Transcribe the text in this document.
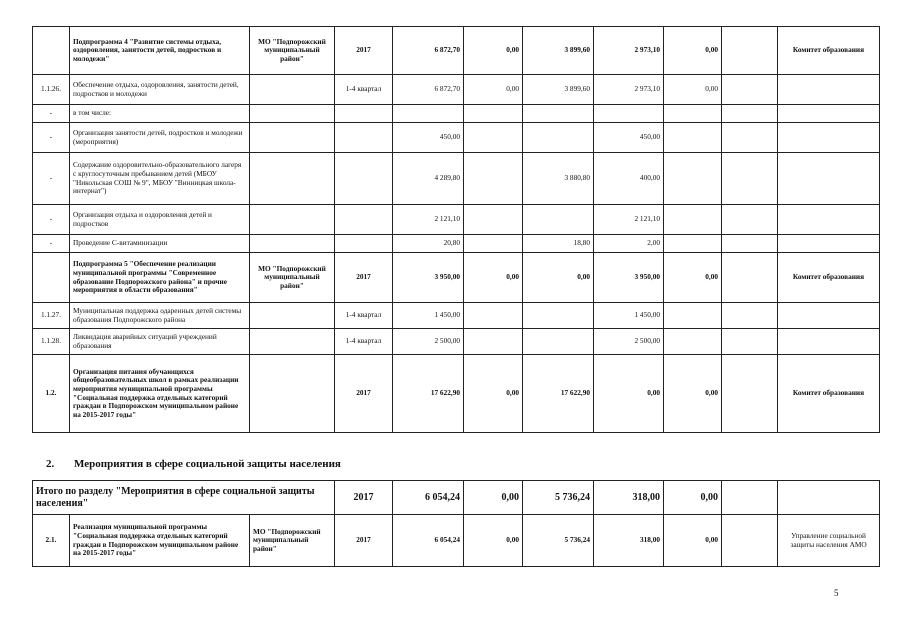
	Подпрограмма 4 "Развитие системы отдыха, оздоровления, занятости детей, подростков и молодежи"	МО "Подпорожский муниципальный район"	2017	6 872,70	0,00	3 899,60	2 973,10	0,00		Комитет образования
1.1.26.	Обеспечение отдыха, оздоровления, занятости детей, подростков и молодежи		1-4 квартал	6 872,70	0,00	3 899,60	2 973,10	0,00		
-	в том числе:									
-	Организация занятости детей, подростков и молодежи (мероприятия)			450,00			450,00			
-	Содержание оздоровительно-образовательного лагеря с круглосуточным пребыванием детей (МБОУ "Никольская СОШ № 9", МБОУ "Винницкая школа-интернат")			4 289,80		3 880,80	400,00			
-	Организация отдыха и оздоровления детей и подростков			2 121,10			2 121,10			
-	Проведение С-витаминизации			20,80		18,80	2,00			
	Подпрограмма 5 "Обеспечение реализации муниципальной программы "Современное образование Подпорожского района" и прочие мероприятия в области образования"	МО "Подпорожский муниципальный район"	2017	3 950,00	0,00	0,00	3 950,00	0,00		Комитет образования
1.1.27.	Муниципальная поддержка одаренных детей системы образования Подпорожского района		1-4 квартал	1 450,00			1 450,00			
1.1.28.	Ликвидация аварийных ситуаций учреждений образования		1-4 квартал	2 500,00			2 500,00			
1.2.	Организация питания обучающихся общеобразовательных школ в рамках реализации мероприятия муниципальной программы "Социальная поддержка отдельных категорий граждан в Подпорожском муниципальном районе на 2015-2017 годы"		2017	17 622,90	0,00	17 622,90	0,00	0,00		Комитет образования
2. Мероприятия в сфере социальной защиты населения
Итого по разделу "Мероприятия в сфере социальной защиты населения"			2017	6 054,24	0,00	5 736,24	318,00	0,00		
2.1.	Реализация муниципальной программы "Социальная поддержка отдельных категорий граждан в Подпорожском муниципальном районе на 2015-2017 годы"	МО "Подпорожский муниципальный район"	2017	6 054,24	0,00	5 736,24	318,00	0,00		Управление социальной защиты населения АМО
5
